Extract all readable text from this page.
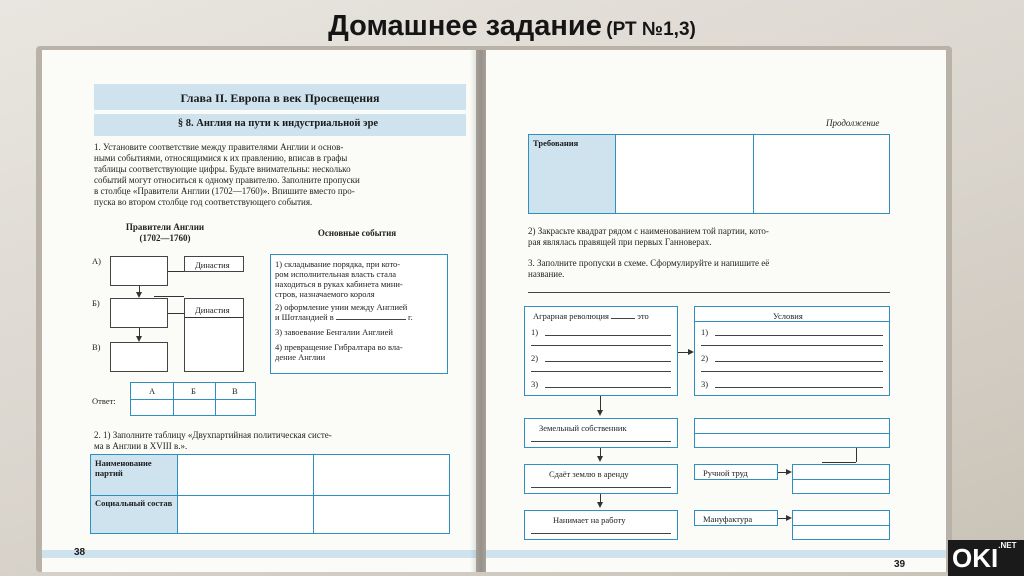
Домашнее задание (РТ №1,3)
Глава II. Европа в век Просвещения
§ 8. Англия на пути к индустриальной эре
1. Установите соответствие между правителями Англии и основ-
ными событиями, относящимися к их правлению, вписав в графы
таблицы соответствующие цифры. Будьте внимательны: несколько
событий могут относиться к одному правителю. Заполните пропуски
в столбце «Правители Англии (1702—1760)». Впишите вместо про-
пуска во втором столбце год соответствующего события.
Правители Англии
(1702—1760)	Основные события
А)
Б)
В)
Династия
Династия
1) складывание порядка, при кото-
ром исполнительная власть стала
находиться в руках кабинета мини-
стров, назначаемого короля
2) оформление унии между Англией
и Шотландией в	г.
3) завоевание Бенгалии Англией
4) превращение Гибралтара во вла-
дение Англии
Ответ:
А	Б	В
2. 1) Заполните таблицу «Двухпартийная политическая систе-
ма в Англии в XVIII в.».
Наименование партий
Социальный состав
38
Продолжение
Требования
2) Закрасьте квадрат рядом с наименованием той партии, кото-
рая являлась правящей при первых Ганноверах.
3. Заполните пропуски в схеме. Сформулируйте и напишите её
название.
Аграрная революция	это
1)
2)
3)
Условия
1)
2)
3)
Земельный собственник
Сдаёт землю в аренду	Ручной труд
Нанимает на работу	Мануфактура
39 $OKI^{.NET}$
